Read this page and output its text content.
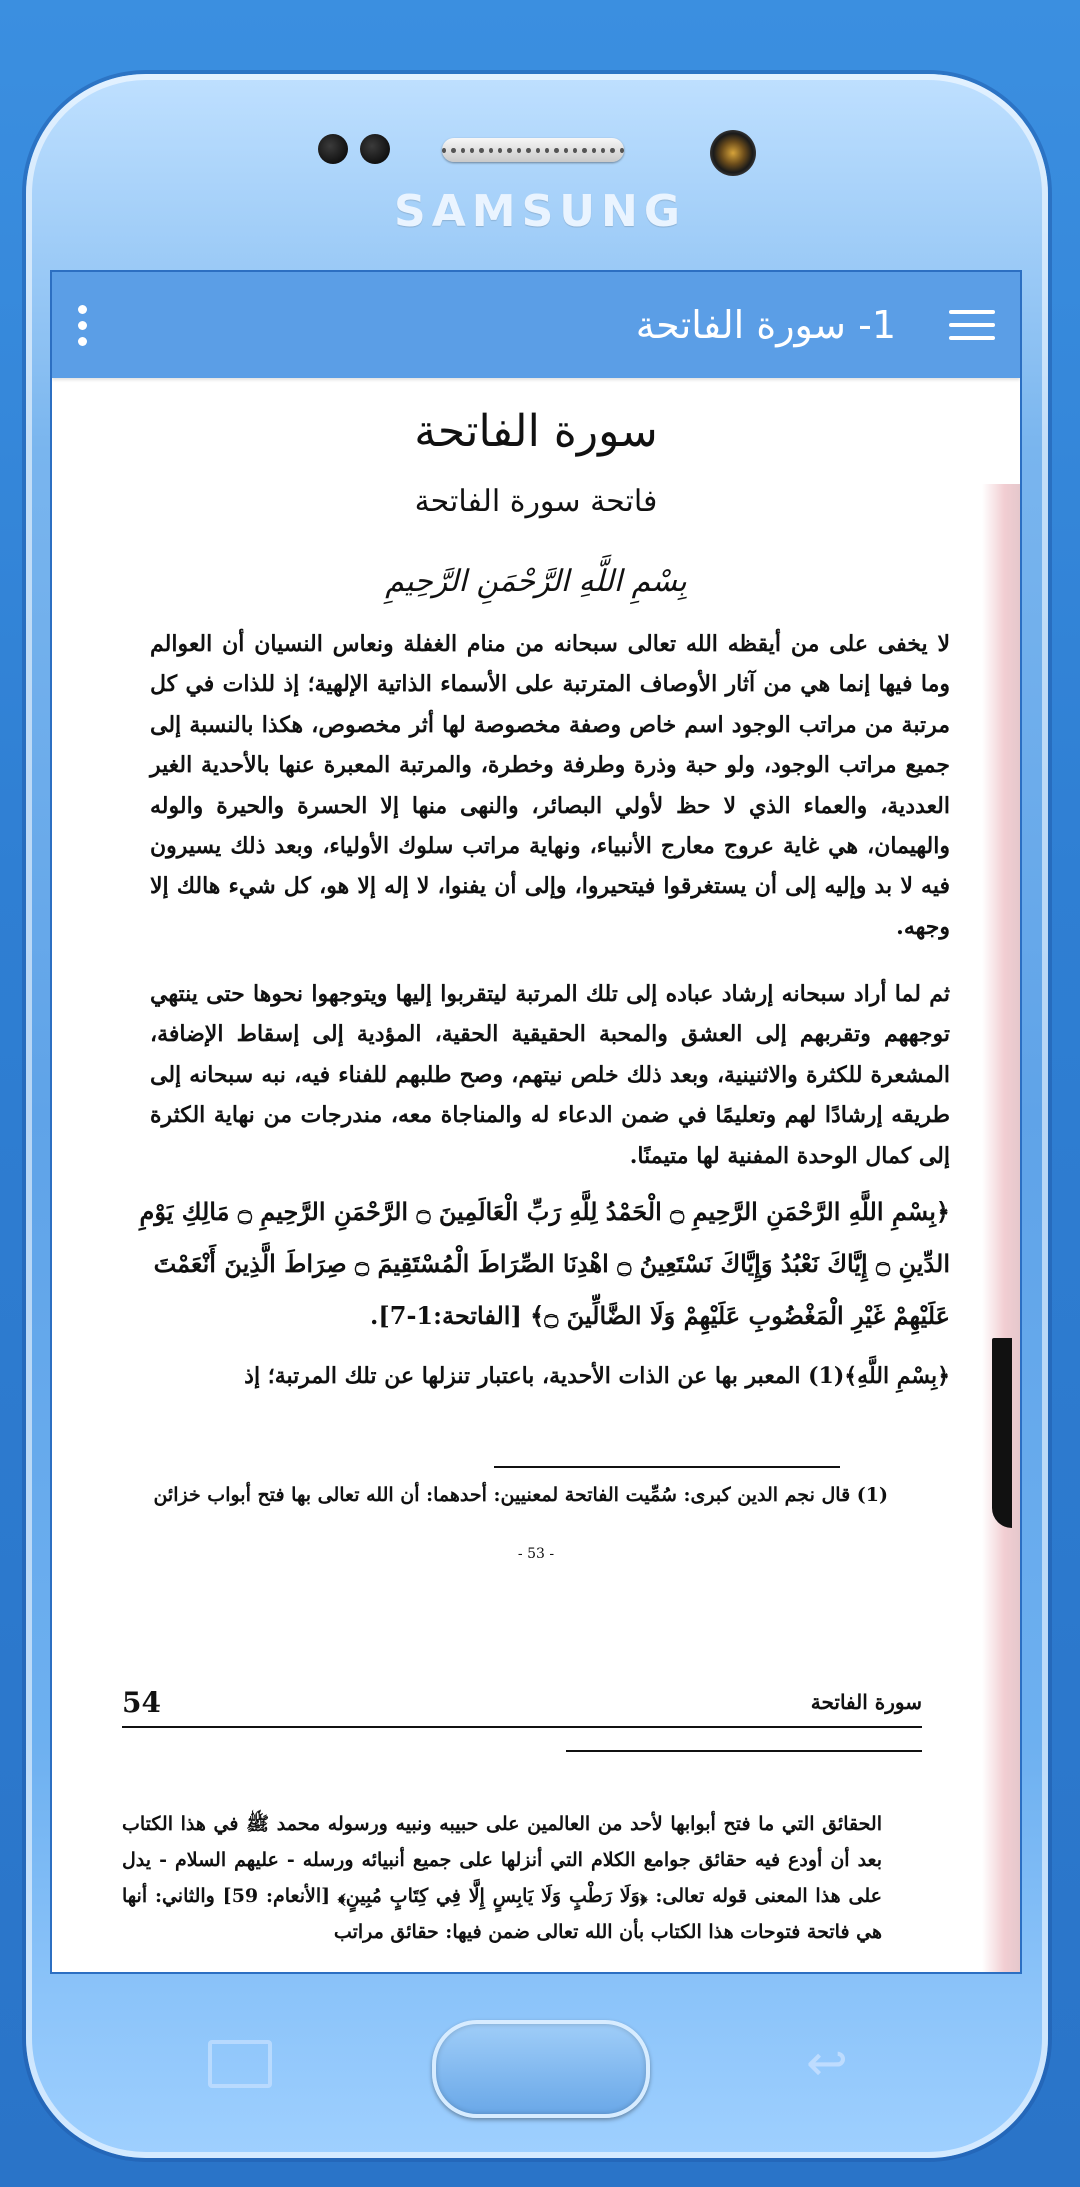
SAMSUNG
1- سورة الفاتحة
سورة الفاتحة
فاتحة سورة الفاتحة
بِسْمِ اللَّهِ الرَّحْمَنِ الرَّحِيمِ
لا يخفى على من أيقظه الله تعالى سبحانه من منام الغفلة ونعاس النسيان أن العوالم وما فيها إنما هي من آثار الأوصاف المترتبة على الأسماء الذاتية الإلهية؛ إذ للذات في كل مرتبة من مراتب الوجود اسم خاص وصفة مخصوصة لها أثر مخصوص، هكذا بالنسبة إلى جميع مراتب الوجود، ولو حبة وذرة وطرفة وخطرة، والمرتبة المعبرة عنها بالأحدية الغير العددية، والعماء الذي لا حظ لأولي البصائر، والنهى منها إلا الحسرة والحيرة والوله والهيمان، هي غاية عروج معارج الأنبياء، ونهاية مراتب سلوك الأولياء، وبعد ذلك يسيرون فيه لا بد وإليه إلى أن يستغرقوا فيتحيروا، وإلى أن يفنوا، لا إله إلا هو، كل شيء هالك إلا وجهه.
ثم لما أراد سبحانه إرشاد عباده إلى تلك المرتبة ليتقربوا إليها ويتوجهوا نحوها حتى ينتهي توجههم وتقربهم إلى العشق والمحبة الحقيقية الحقية، المؤدية إلى إسقاط الإضافة، المشعرة للكثرة والاثنينية، وبعد ذلك خلص نيتهم، وصح طلبهم للفناء فيه، نبه سبحانه إلى طريقه إرشادًا لهم وتعليمًا في ضمن الدعاء له والمناجاة معه، مندرجات من نهاية الكثرة إلى كمال الوحدة المفنية لها متيمنًا.
﴿بِسْمِ اللَّهِ الرَّحْمَنِ الرَّحِيمِ ۝ الْحَمْدُ لِلَّهِ رَبِّ الْعَالَمِينَ ۝ الرَّحْمَنِ الرَّحِيمِ ۝ مَالِكِ يَوْمِ الدِّينِ ۝ إِيَّاكَ نَعْبُدُ وَإِيَّاكَ نَسْتَعِينُ ۝ اهْدِنَا الصِّرَاطَ الْمُسْتَقِيمَ ۝ صِرَاطَ الَّذِينَ أَنْعَمْتَ عَلَيْهِمْ غَيْرِ الْمَغْضُوبِ عَلَيْهِمْ وَلَا الضَّالِّينَ ۝﴾ [الفاتحة:1-7].
﴿بِسْمِ اللَّهِ﴾(1) المعبر بها عن الذات الأحدية، باعتبار تنزلها عن تلك المرتبة؛ إذ
(1) قال نجم الدين كبرى: سُمِّيت الفاتحة لمعنيين: أحدهما: أن الله تعالى بها فتح أبواب خزائن
- 53 -
سورة الفاتحة
54
الحقائق التي ما فتح أبوابها لأحد من العالمين على حبيبه ونبيه ورسوله محمد ﷺ في هذا الكتاب بعد أن أودع فيه حقائق جوامع الكلام التي أنزلها على جميع أنبيائه ورسله - عليهم السلام - يدل على هذا المعنى قوله تعالى: ﴿وَلَا رَطْبٍ وَلَا يَابِسٍ إِلَّا فِي كِتَابٍ مُبِينٍ﴾ [الأنعام: 59] والثاني: أنها هي فاتحة فتوحات هذا الكتاب بأن الله تعالى ضمن فيها: حقائق مراتب
↩
